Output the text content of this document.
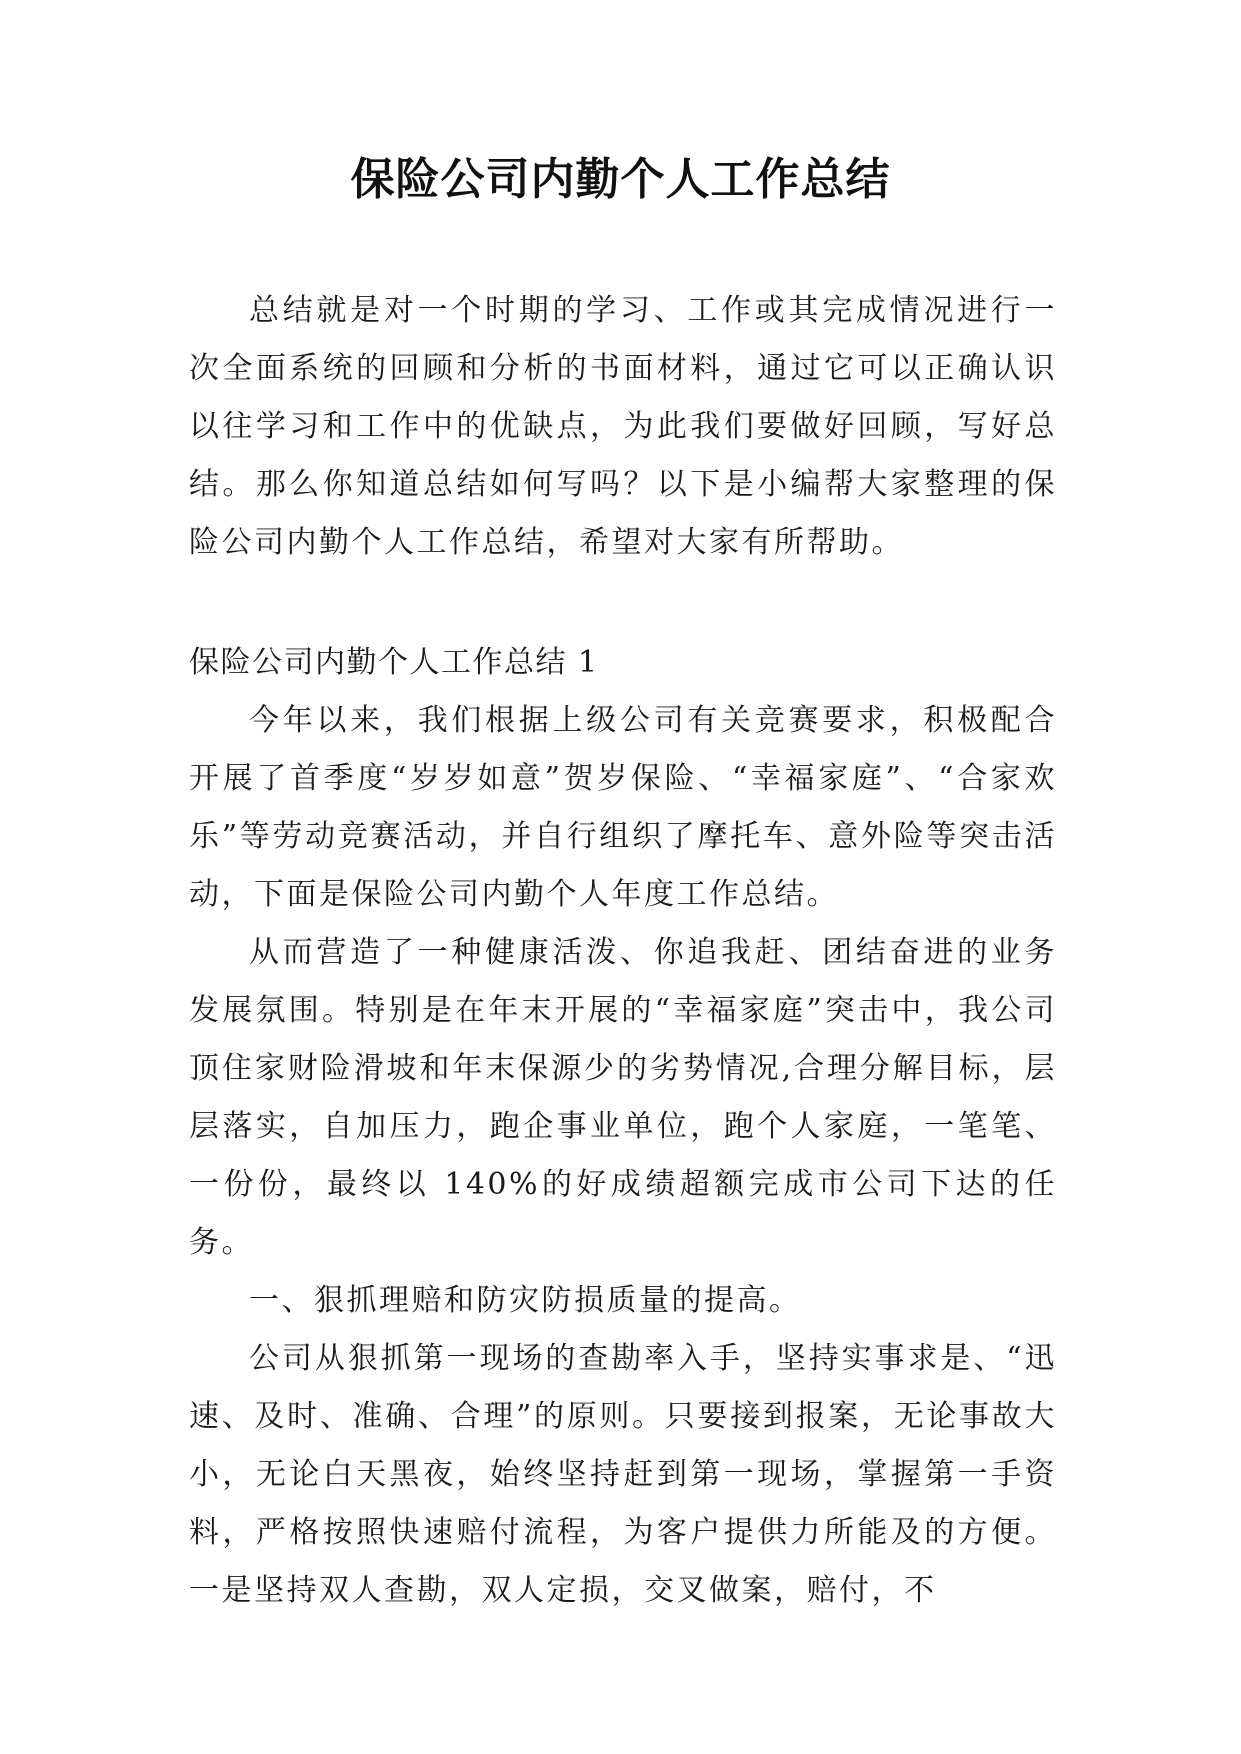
保险公司内勤个人工作总结

总结就是对一个时期的学习、工作或其完成情况进行一次全面系统的回顾和分析的书面材料，通过它可以正确认识以往学习和工作中的优缺点，为此我们要做好回顾，写好总结。那么你知道总结如何写吗？以下是小编帮大家整理的保险公司内勤个人工作总结，希望对大家有所帮助。

保险公司内勤个人工作总结 1

今年以来，我们根据上级公司有关竞赛要求，积极配合开展了首季度“岁岁如意”贺岁保险、“幸福家庭”、“合家欢乐”等劳动竞赛活动，并自行组织了摩托车、意外险等突击活动，下面是保险公司内勤个人年度工作总结。

从而营造了一种健康活泼、你追我赶、团结奋进的业务发展氛围。特别是在年末开展的“幸福家庭”突击中，我公司顶住家财险滑坡和年末保源少的劣势情况,合理分解目标，层层落实，自加压力，跑企事业单位，跑个人家庭，一笔笔、一份份，最终以 140%的好成绩超额完成市公司下达的任务。

一、狠抓理赔和防灾防损质量的提高。

公司从狠抓第一现场的查勘率入手，坚持实事求是、“迅速、及时、准确、合理”的原则。只要接到报案，无论事故大小，无论白天黑夜，始终坚持赶到第一现场，掌握第一手资料，严格按照快速赔付流程，为客户提供力所能及的方便。一是坚持双人查勘，双人定损，交叉做案，赔付，不
